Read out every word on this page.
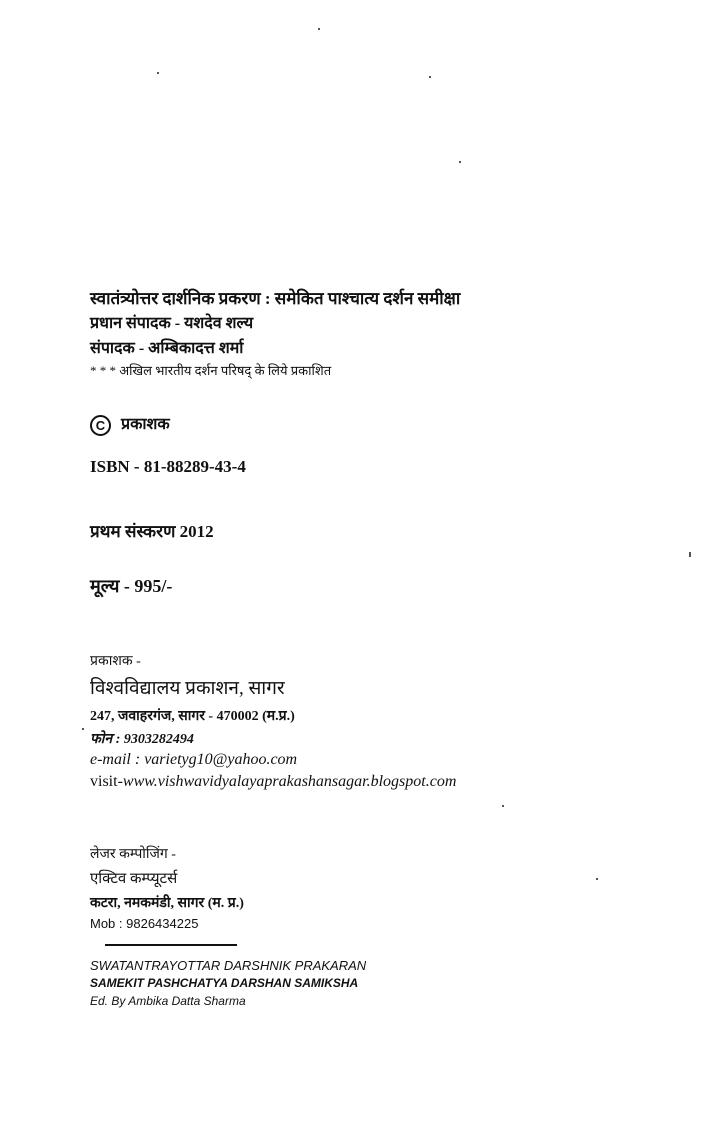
स्वातंत्र्योत्तर दार्शनिक प्रकरण : समेकित पाश्चात्य दर्शन समीक्षा
प्रधान संपादक - यशदेव शल्य
संपादक - अम्बिकादत्त शर्मा
* * * अखिल भारतीय दर्शन परिषद् के लिये प्रकाशित
C प्रकाशक
ISBN - 81-88289-43-4
प्रथम संस्करण 2012
मूल्य - 995/-
प्रकाशक -
विश्वविद्यालय प्रकाशन, सागर
247, जवाहरगंज, सागर - 470002 (म.प्र.)
फोन : 9303282494
e-mail : varietyg10@yahoo.com
visit-www.vishwavidyalayaprakashansagar.blogspot.com
लेजर कम्पोजिंग -
एक्टिव कम्प्यूटर्स
कटरा, नमकमंडी, सागर (म. प्र.)
Mob : 9826434225
SWATANTRAYOTTAR DARSHNIK PRAKARAN
SAMEKIT PASHCHATYA DARSHAN SAMIKSHA
Ed. By Ambika Datta Sharma
